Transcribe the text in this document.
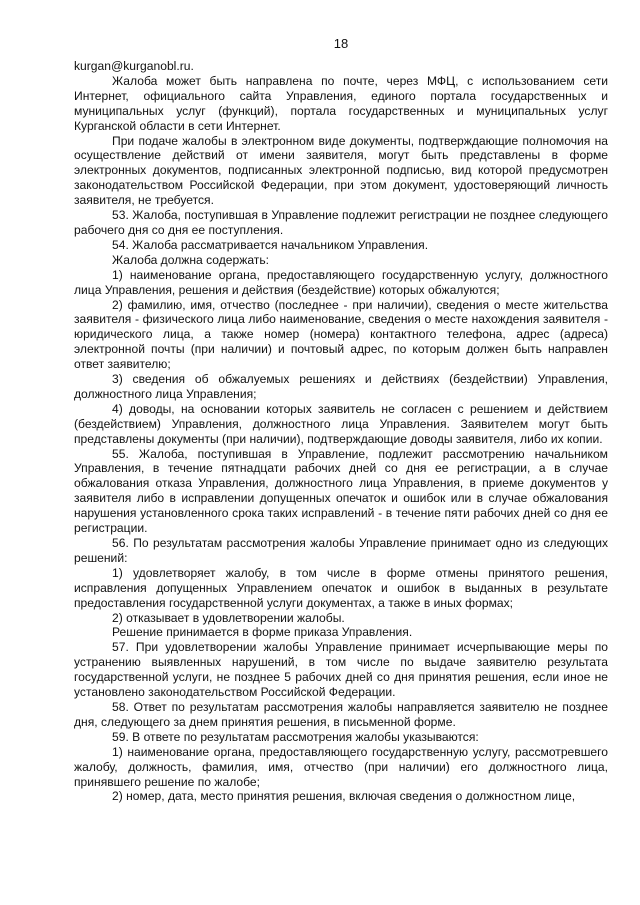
18

kurgan@kurganobl.ru.

Жалоба может быть направлена по почте, через МФЦ, с использованием сети Интернет, официального сайта Управления, единого портала государственных и муниципальных услуг (функций), портала государственных и муниципальных услуг Курганской области в сети Интернет.

При подаче жалобы в электронном виде документы, подтверждающие полномочия на осуществление действий от имени заявителя, могут быть представлены в форме электронных документов, подписанных электронной подписью, вид которой предусмотрен законодательством Российской Федерации, при этом документ, удостоверяющий личность заявителя, не требуется.

53. Жалоба, поступившая в Управление подлежит регистрации не позднее следующего рабочего дня со дня ее поступления.

54. Жалоба рассматривается начальником Управления.

Жалоба должна содержать:

1) наименование органа, предоставляющего государственную услугу, должностного лица Управления, решения и действия (бездействие) которых обжалуются;

2) фамилию, имя, отчество (последнее - при наличии), сведения о месте жительства заявителя - физического лица либо наименование, сведения о месте нахождения заявителя - юридического лица, а также номер (номера) контактного телефона, адрес (адреса) электронной почты (при наличии) и почтовый адрес, по которым должен быть направлен ответ заявителю;

3) сведения об обжалуемых решениях и действиях (бездействии) Управления, должностного лица Управления;

4) доводы, на основании которых заявитель не согласен с решением и действием (бездействием) Управления, должностного лица Управления. Заявителем могут быть представлены документы (при наличии), подтверждающие доводы заявителя, либо их копии.

55. Жалоба, поступившая в Управление, подлежит рассмотрению начальником Управления, в течение пятнадцати рабочих дней со дня ее регистрации, а в случае обжалования отказа Управления, должностного лица Управления, в приеме документов у заявителя либо в исправлении допущенных опечаток и ошибок или в случае обжалования нарушения установленного срока таких исправлений - в течение пяти рабочих дней со дня ее регистрации.

56. По результатам рассмотрения жалобы Управление принимает одно из следующих решений:

1) удовлетворяет жалобу, в том числе в форме отмены принятого решения, исправления допущенных Управлением опечаток и ошибок в выданных в результате предоставления государственной услуги документах, а также в иных формах;

2) отказывает в удовлетворении жалобы.

Решение принимается в форме приказа Управления.

57. При удовлетворении жалобы Управление принимает исчерпывающие меры по устранению выявленных нарушений, в том числе по выдаче заявителю результата государственной услуги, не позднее 5 рабочих дней со дня принятия решения, если иное не установлено законодательством Российской Федерации.

58. Ответ по результатам рассмотрения жалобы направляется заявителю не позднее дня, следующего за днем принятия решения, в письменной форме.

59. В ответе по результатам рассмотрения жалобы указываются:

1) наименование органа, предоставляющего государственную услугу, рассмотревшего жалобу, должность, фамилия, имя, отчество (при наличии) его должностного лица, принявшего решение по жалобе;

2) номер, дата, место принятия решения, включая сведения о должностном лице,
